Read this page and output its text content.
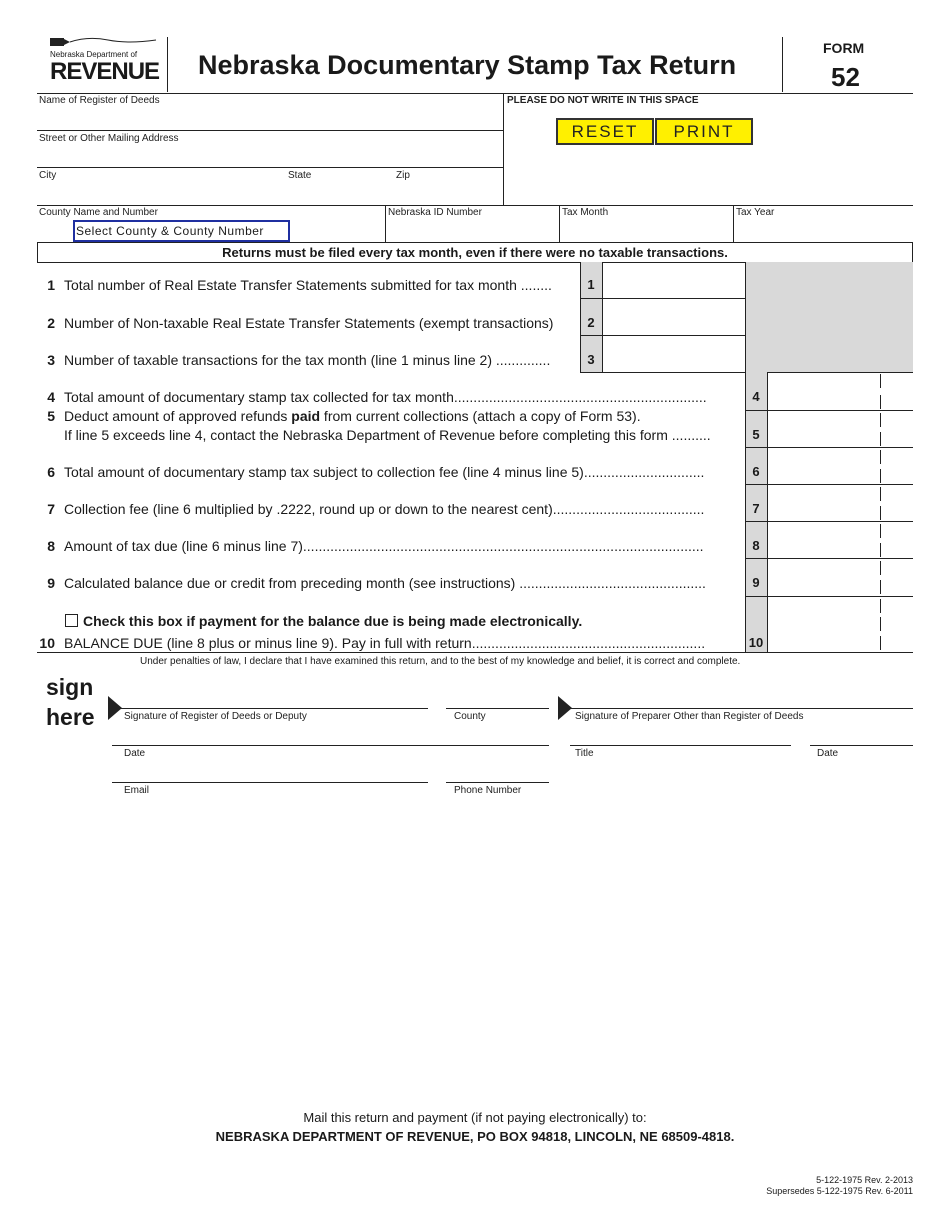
Nebraska Department of
REVENUE Nebraska Documentary Stamp Tax Return
FORM
52
Name of Register of Deeds
Street or Other Mailing Address
City	State	Zip
PLEASE DO NOT WRITE IN THIS SPACE
RESET	PRINT
County Name and Number
Select County & County Number
Nebraska ID Number	Tax Month	Tax Year
Returns must be filed every tax month, even if there were no taxable transactions.
1 Total number of Real Estate Transfer Statements submitted for tax month ........	1
2 Number of Non-taxable Real Estate Transfer Statements (exempt transactions)	2
3 Number of taxable transactions for the tax month (line 1 minus line 2) ..............	3
4 Total amount of documentary stamp tax collected for tax month.................................................................	4
5 Deduct amount of approved refunds paid from current collections (attach a copy of Form 53).
If line 5 exceeds line 4, contact the Nebraska Department of Revenue before completing this form ..........	5
6 Total amount of documentary stamp tax subject to collection fee (line 4 minus line 5)...............................	6
7 Collection fee (line 6 multiplied by .2222, round up or down to the nearest cent).......................................	7
8 Amount of tax due (line 6 minus line 7).......................................................................................................	8
9 Calculated balance due or credit from preceding month (see instructions) ................................................	9
Check this box if payment for the balance due is being made electronically.
10 BALANCE DUE (line 8 plus or minus line 9). Pay in full with return............................................................	10
Under penalties of law, I declare that I have examined this return, and to the best of my knowledge and belief, it is correct and complete.
sign
here	Signature of Register of Deeds or Deputy	County	Signature of Preparer Other than Register of Deeds
Date	Title	Date
Email	Phone Number
Mail this return and payment (if not paying electronically) to:
NEBRASKA DEPARTMENT OF REVENUE, PO BOX 94818, LINCOLN, NE 68509-4818.
5-122-1975 Rev. 2-2013
Supersedes 5-122-1975 Rev. 6-2011
